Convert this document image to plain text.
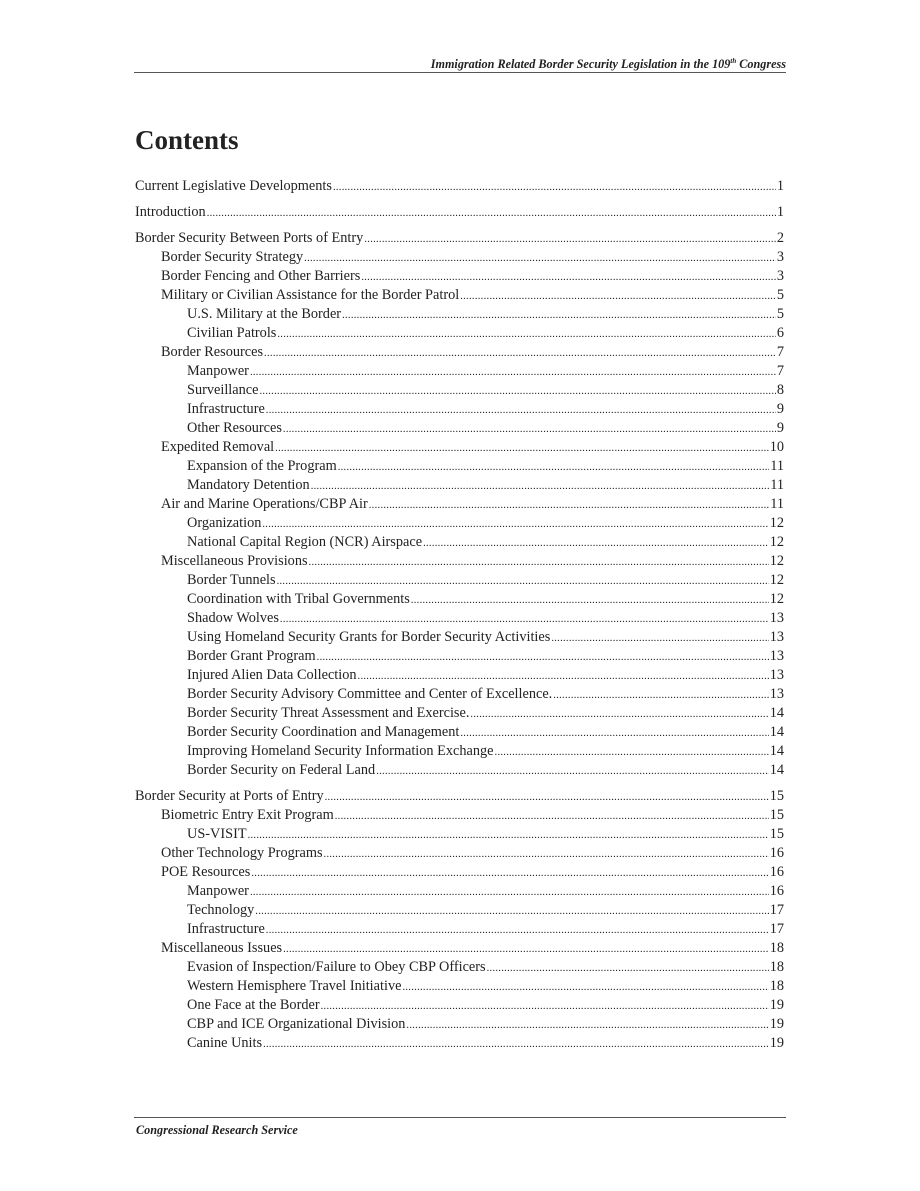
Immigration Related Border Security Legislation in the 109th Congress
Contents
Current Legislative Developments .....	1
Introduction .....	1
Border Security Between Ports of Entry .....	2
Border Security Strategy .....	3
Border Fencing and Other Barriers .....	3
Military or Civilian Assistance for the Border Patrol .....	5
U.S. Military at the Border .....	5
Civilian Patrols .....	6
Border Resources .....	7
Manpower .....	7
Surveillance .....	8
Infrastructure .....	9
Other Resources .....	9
Expedited Removal .....	10
Expansion of the Program .....	11
Mandatory Detention .....	11
Air and Marine Operations/CBP Air .....	11
Organization .....	12
National Capital Region (NCR) Airspace .....	12
Miscellaneous Provisions .....	12
Border Tunnels .....	12
Coordination with Tribal Governments .....	12
Shadow Wolves .....	13
Using Homeland Security Grants for Border Security Activities .....	13
Border Grant Program .....	13
Injured Alien Data Collection .....	13
Border Security Advisory Committee and Center of Excellence. .....	13
Border Security Threat Assessment and Exercise. .....	14
Border Security Coordination and Management .....	14
Improving Homeland Security Information Exchange .....	14
Border Security on Federal Land .....	14
Border Security at Ports of Entry .....	15
Biometric Entry Exit Program .....	15
US-VISIT .....	15
Other Technology Programs .....	16
POE Resources .....	16
Manpower .....	16
Technology .....	17
Infrastructure .....	17
Miscellaneous Issues .....	18
Evasion of Inspection/Failure to Obey CBP Officers .....	18
Western Hemisphere Travel Initiative .....	18
One Face at the Border .....	19
CBP and ICE Organizational Division .....	19
Canine Units .....	19
Congressional Research Service
